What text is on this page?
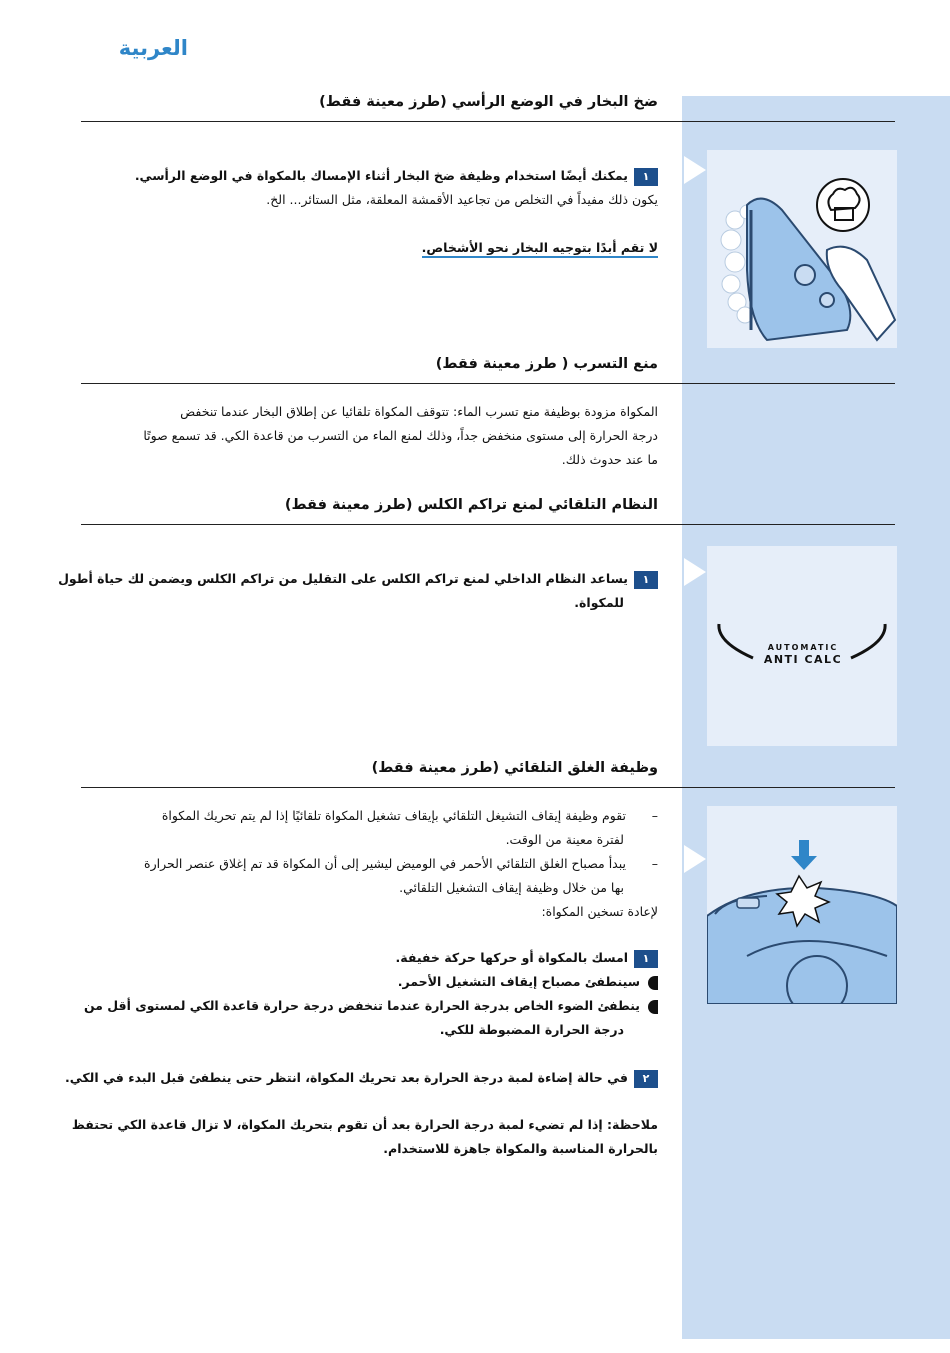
العربية
ضخ البخار في الوضع الرأسي (طرز معينة فقط)
١يمكنك أيضًا استخدام وظيفة ضخ البخار أثناء الإمساك بالمكواة في الوضع الرأسي.
يكون ذلك مفيداً في التخلص من تجاعيد الأقمشة المعلقة، مثل الستائر... الخ.
لا تقم أبدًا بتوجيه البخار نحو الأشخاص.
منع التسرب ( طرز معينة فقط)
المكواة مزودة بوظيفة منع تسرب الماء: تتوقف المكواة تلقائيا عن إطلاق البخار عندما تنخفض
درجة الحرارة إلى مستوى منخفض جداً، وذلك لمنع الماء من التسرب من قاعدة الكي. قد تسمع صوتًا
ما عند حدوث ذلك.
النظام التلقائي لمنع تراكم الكلس (طرز معينة فقط)
١يساعد النظام الداخلي لمنع تراكم الكلس على التقليل من تراكم الكلس ويضمن لك حياة أطول
للمكواة.
AUTOMATIC
ANTI CALC
وظيفة الغلق التلقائي (طرز معينة فقط)
–تقوم وظيفة إيقاف التشيغل التلقائي بإيقاف تشغيل المكواة تلقائيًا إذا لم يتم تحريك المكواة
لفترة معينة من الوقت.
–يبدأ مصباح الغلق التلقائي الأحمر في الوميض ليشير إلى أن المكواة قد تم إغلاق عنصر الحرارة
بها من خلال وظيفة إيقاف التشغيل التلقائي.
لإعادة تسخين المكواة:
١امسك بالمكواة أو حركها حركة خفيفة.
سينطفئ مصباح إيقاف التشغيل الأحمر.
ينطفئ الضوء الخاص بدرجة الحرارة عندما تنخفض درجة حرارة قاعدة الكي لمستوى أقل من
درجة الحرارة المضبوطة للكي.
٢في حالة إضاءة لمبة درجة الحرارة بعد تحريك المكواة، انتظر حتى ينطفئ قبل البدء في الكي.
ملاحظة: إذا لم تضيء لمبة درجة الحرارة بعد أن تقوم بتحريك المكواة، لا تزال قاعدة الكي تحتفظ
بالحرارة المناسبة والمكواة جاهزة للاستخدام.
